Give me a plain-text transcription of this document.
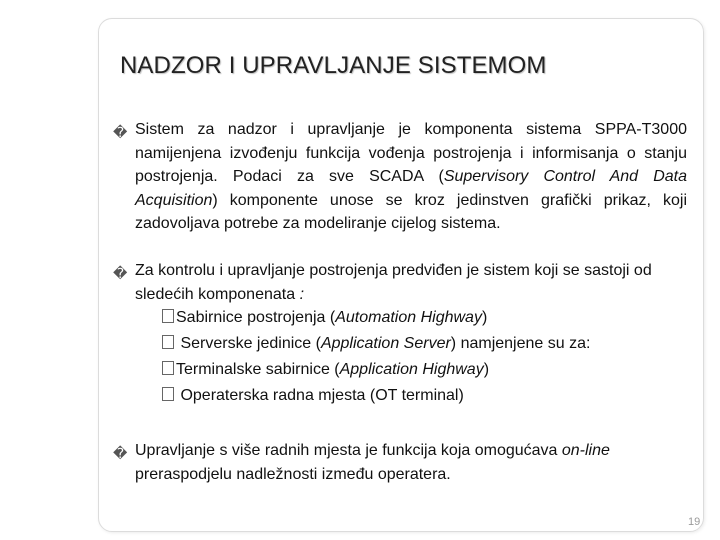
NADZOR I UPRAVLJANJE SISTEMOM
� Sistem za nadzor i upravljanje je komponenta sistema SPPA-T3000 namijenjena izvođenju funkcija vođenja postrojenja i informisanja o stanju postrojenja. Podaci za sve SCADA (Supervisory Control And Data Acquisition) komponente unose se kroz jedinstven grafički prikaz, koji zadovoljava potrebe za modeliranje cijelog sistema.

� Za kontrolu i upravljanje postrojenja predviđen je sistem koji se sastoji od sledećih komponenata :

Sabirnice postrojenja (Automation Highway)
Serverske jedinice (Application Server) namjenjene su za:
Terminalske sabirnice (Application Highway)
Operaterska radna mjesta (OT terminal)
� Upravljanje s više radnih mjesta je funkcija koja omogućava on-line preraspodjelu nadležnosti između operatera.

19
